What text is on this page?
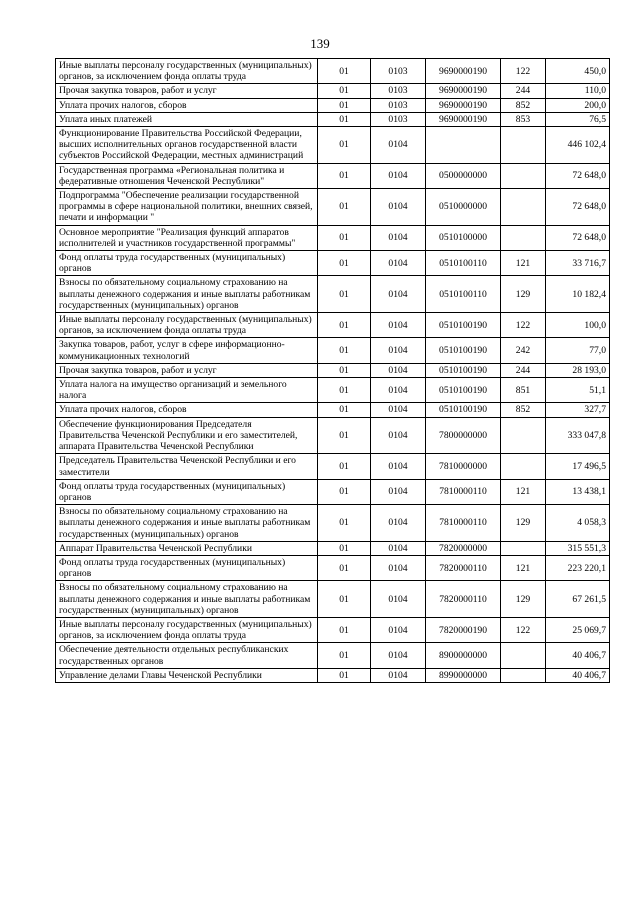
139
Иные выплаты персоналу государственных (муниципальных) органов, за исключением фонда оплаты труда	01	0103	9690000190	122	450,0
Прочая закупка товаров, работ и услуг	01	0103	9690000190	244	110,0
Уплата прочих налогов, сборов	01	0103	9690000190	852	200,0
Уплата иных платежей	01	0103	9690000190	853	76,5
Функционирование Правительства Российской Федерации, высших исполнительных органов государственной власти субъектов Российской Федерации, местных администраций	01	0104			446 102,4
Государственная программа «Региональная политика и федеративные отношения Чеченской Республики"	01	0104	0500000000		72 648,0
Подпрограмма "Обеспечение реализации государственной программы в сфере национальной политики, внешних связей, печати и информации "	01	0104	0510000000		72 648,0
Основное мероприятие "Реализация функций аппаратов исполнителей и участников государственной программы"	01	0104	0510100000		72 648,0
Фонд оплаты труда государственных (муниципальных) органов	01	0104	0510100110	121	33 716,7
Взносы по обязательному социальному страхованию на выплаты денежного содержания и иные выплаты работникам государственных (муниципальных) органов	01	0104	0510100110	129	10 182,4
Иные выплаты персоналу государственных (муниципальных) органов, за исключением фонда оплаты труда	01	0104	0510100190	122	100,0
Закупка товаров, работ, услуг в сфере информационно-коммуникационных технологий	01	0104	0510100190	242	77,0
Прочая закупка товаров, работ и услуг	01	0104	0510100190	244	28 193,0
Уплата налога на имущество организаций и земельного налога	01	0104	0510100190	851	51,1
Уплата прочих налогов, сборов	01	0104	0510100190	852	327,7
Обеспечение функционирования Председателя Правительства Чеченской Республики и его заместителей, аппарата Правительства Чеченской Республики	01	0104	7800000000		333 047,8
Председатель Правительства Чеченской Республики и его заместители	01	0104	7810000000		17 496,5
Фонд оплаты труда государственных (муниципальных) органов	01	0104	7810000110	121	13 438,1
Взносы по обязательному социальному страхованию на выплаты денежного содержания и иные выплаты работникам государственных (муниципальных) органов	01	0104	7810000110	129	4 058,3
Аппарат Правительства Чеченской Республики	01	0104	7820000000		315 551,3
Фонд оплаты труда государственных (муниципальных) органов	01	0104	7820000110	121	223 220,1
Взносы по обязательному социальному страхованию на выплаты денежного содержания и иные выплаты работникам государственных (муниципальных) органов	01	0104	7820000110	129	67 261,5
Иные выплаты персоналу государственных (муниципальных) органов, за исключением фонда оплаты труда	01	0104	7820000190	122	25 069,7
Обеспечение деятельности отдельных республиканских государственных органов	01	0104	8900000000		40 406,7
Управление делами Главы Чеченской Республики	01	0104	8990000000		40 406,7
